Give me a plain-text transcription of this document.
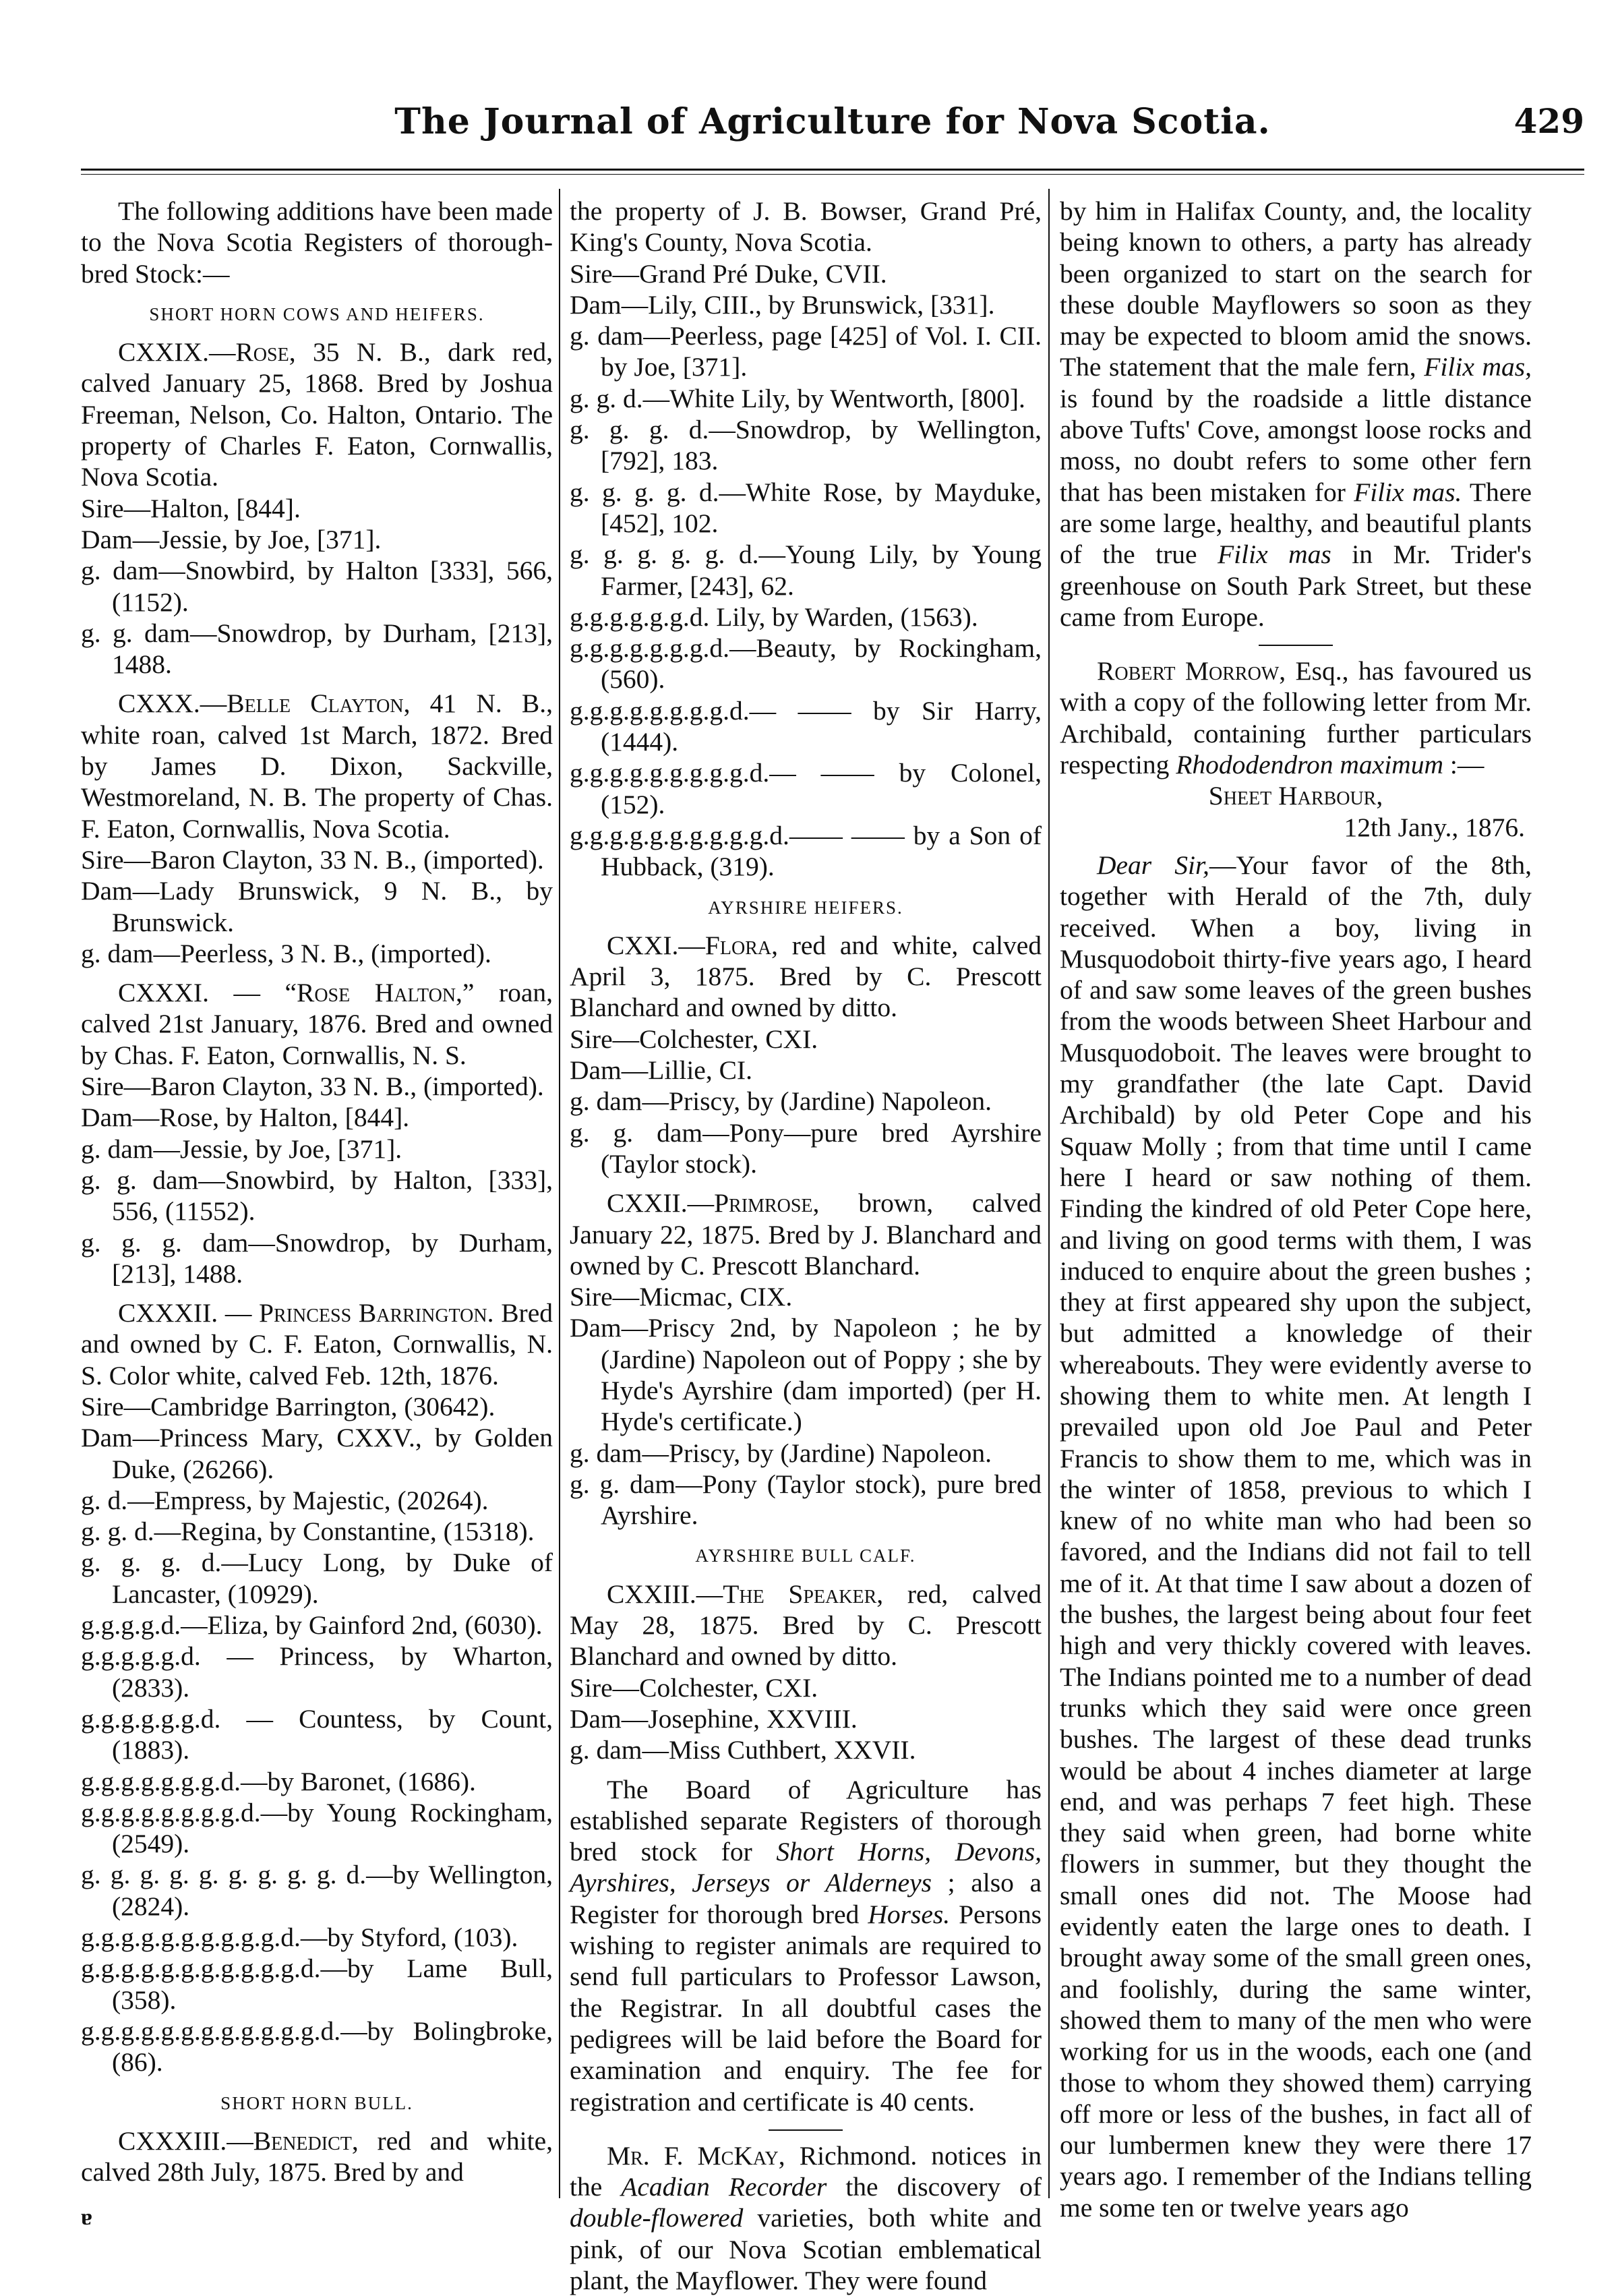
The Journal of Agriculture for Nova Scotia.	429

The following additions have been made to the Nova Scotia Registers of thorough-bred Stock:—

SHORT HORN COWS AND HEIFERS.

CXXIX.—Rose, 35 N. B., dark red, calved January 25, 1868. Bred by Joshua Freeman, Nelson, Co. Halton, Ontario. The property of Charles F. Eaton, Cornwallis, Nova Scotia.

Sire—Halton, [844].

Dam—Jessie, by Joe, [371].

g. dam—Snowbird, by Halton [333], 566, (1152).

g. g. dam—Snowdrop, by Durham, [213], 1488.

CXXX.—Belle Clayton, 41 N. B., white roan, calved 1st March, 1872. Bred by James D. Dixon, Sackville, Westmoreland, N. B. The property of Chas. F. Eaton, Cornwallis, Nova Scotia.

Sire—Baron Clayton, 33 N. B., (imported).

Dam—Lady Brunswick, 9 N. B., by Brunswick.

g. dam—Peerless, 3 N. B., (imported).

CXXXI. — “Rose Halton,” roan, calved 21st January, 1876. Bred and owned by Chas. F. Eaton, Cornwallis, N. S.

Sire—Baron Clayton, 33 N. B., (imported).

Dam—Rose, by Halton, [844].

g. dam—Jessie, by Joe, [371].

g. g. dam—Snowbird, by Halton, [333], 556, (11552).

g. g. g. dam—Snowdrop, by Durham, [213], 1488.

CXXXII. — Princess Barrington. Bred and owned by C. F. Eaton, Cornwallis, N. S. Color white, calved Feb. 12th, 1876.

Sire—Cambridge Barrington, (30642).

Dam—Princess Mary, CXXV., by Golden Duke, (26266).

g. d.—Empress, by Majestic, (20264).

g. g. d.—Regina, by Constantine, (15318).

g. g. g. d.—Lucy Long, by Duke of Lancaster, (10929).

g.g.g.g.d.—Eliza, by Gainford 2nd, (6030).

g.g.g.g.g.d. — Princess, by Wharton, (2833).

g.g.g.g.g.g.d. — Countess, by Count, (1883).

g.g.g.g.g.g.g.d.—by Baronet, (1686).

g.g.g.g.g.g.g.g.d.—by Young Rockingham, (2549).

g. g. g. g. g. g. g. g. g. d.—by Wellington, (2824).

g.g.g.g.g.g.g.g.g.g.d.—by Styford, (103).

g.g.g.g.g.g.g.g.g.g.g.d.—by Lame Bull, (358).

g.g.g.g.g.g.g.g.g.g.g.g.d.—by Bolingbroke, (86).

SHORT HORN BULL.

CXXXIII.—Benedict, red and white, calved 28th July, 1875. Bred by and

the property of J. B. Bowser, Grand Pré, King's County, Nova Scotia.

Sire—Grand Pré Duke, CVII.

Dam—Lily, CIII., by Brunswick, [331].

g. dam—Peerless, page [425] of Vol. I. CII. by Joe, [371].

g. g. d.—White Lily, by Wentworth, [800].

g. g. g. d.—Snowdrop, by Wellington, [792], 183.

g. g. g. g. d.—White Rose, by Mayduke, [452], 102.

g. g. g. g. g. d.—Young Lily, by Young Farmer, [243], 62.

g.g.g.g.g.g.d. Lily, by Warden, (1563).

g.g.g.g.g.g.g.d.—Beauty, by Rockingham, (560).

g.g.g.g.g.g.g.g.d.— —— by Sir Harry, (1444).

g.g.g.g.g.g.g.g.g.d.— —— by Colonel, (152).

g.g.g.g.g.g.g.g.g.g.d.—— —— by a Son of Hubback, (319).

AYRSHIRE HEIFERS.

CXXI.—Flora, red and white, calved April 3, 1875. Bred by C. Prescott Blanchard and owned by ditto.

Sire—Colchester, CXI.

Dam—Lillie, CI.

g. dam—Priscy, by (Jardine) Napoleon.

g. g. dam—Pony—pure bred Ayrshire (Taylor stock).

CXXII.—Primrose, brown, calved January 22, 1875. Bred by J. Blanchard and owned by C. Prescott Blanchard.

Sire—Micmac, CIX.

Dam—Priscy 2nd, by Napoleon ; he by (Jardine) Napoleon out of Poppy ; she by Hyde's Ayrshire (dam imported) (per H. Hyde's certificate.)

g. dam—Priscy, by (Jardine) Napoleon.

g. g. dam—Pony (Taylor stock), pure bred Ayrshire.

AYRSHIRE BULL CALF.

CXXIII.—The Speaker, red, calved May 28, 1875. Bred by C. Prescott Blanchard and owned by ditto.

Sire—Colchester, CXI.

Dam—Josephine, XXVIII.

g. dam—Miss Cuthbert, XXVII.

The Board of Agriculture has established separate Registers of thorough bred stock for Short Horns, Devons, Ayrshires, Jerseys or Alderneys ; also a Register for thorough bred Horses. Persons wishing to register animals are required to send full particulars to Professor Lawson, the Registrar. In all doubtful cases the pedigrees will be laid before the Board for examination and enquiry. The fee for registration and certificate is 40 cents.

Mr. F. McKay, Richmond. notices in the Acadian Recorder the discovery of double-flowered varieties, both white and pink, of our Nova Scotian emblematical plant, the Mayflower. They were found

by him in Halifax County, and, the locality being known to others, a party has already been organized to start on the search for these double Mayflowers so soon as they may be expected to bloom amid the snows. The statement that the male fern, Filix mas, is found by the roadside a little distance above Tufts' Cove, amongst loose rocks and moss, no doubt refers to some other fern that has been mistaken for Filix mas. There are some large, healthy, and beautiful plants of the true Filix mas in Mr. Trider's greenhouse on South Park Street, but these came from Europe.

Robert Morrow, Esq., has favoured us with a copy of the following letter from Mr. Archibald, containing further particulars respecting Rhododendron maximum :—

Sheet Harbour,

12th Jany., 1876.

Dear Sir,—Your favor of the 8th, together with Herald of the 7th, duly received. When a boy, living in Musquodoboit thirty-five years ago, I heard of and saw some leaves of the green bushes from the woods between Sheet Harbour and Musquodoboit. The leaves were brought to my grandfather (the late Capt. David Archibald) by old Peter Cope and his Squaw Molly ; from that time until I came here I heard or saw nothing of them. Finding the kindred of old Peter Cope here, and living on good terms with them, I was induced to enquire about the green bushes ; they at first appeared shy upon the subject, but admitted a knowledge of their whereabouts. They were evidently averse to showing them to white men. At length I prevailed upon old Joe Paul and Peter Francis to show them to me, which was in the winter of 1858, previous to which I knew of no white man who had been so favored, and the Indians did not fail to tell me of it. At that time I saw about a dozen of the bushes, the largest being about four feet high and very thickly covered with leaves. The Indians pointed me to a number of dead trunks which they said were once green bushes. The largest of these dead trunks would be about 4 inches diameter at large end, and was perhaps 7 feet high. These they said when green, had borne white flowers in summer, but they thought the small ones did not. The Moose had evidently eaten the large ones to death. I brought away some of the small green ones, and foolishly, during the same winter, showed them to many of the men who were working for us in the woods, each one (and those to whom they showed them) carrying off more or less of the bushes, in fact all of our lumbermen knew they were there 17 years ago. I remember of the Indians telling me some ten or twelve years ago

ɐ
